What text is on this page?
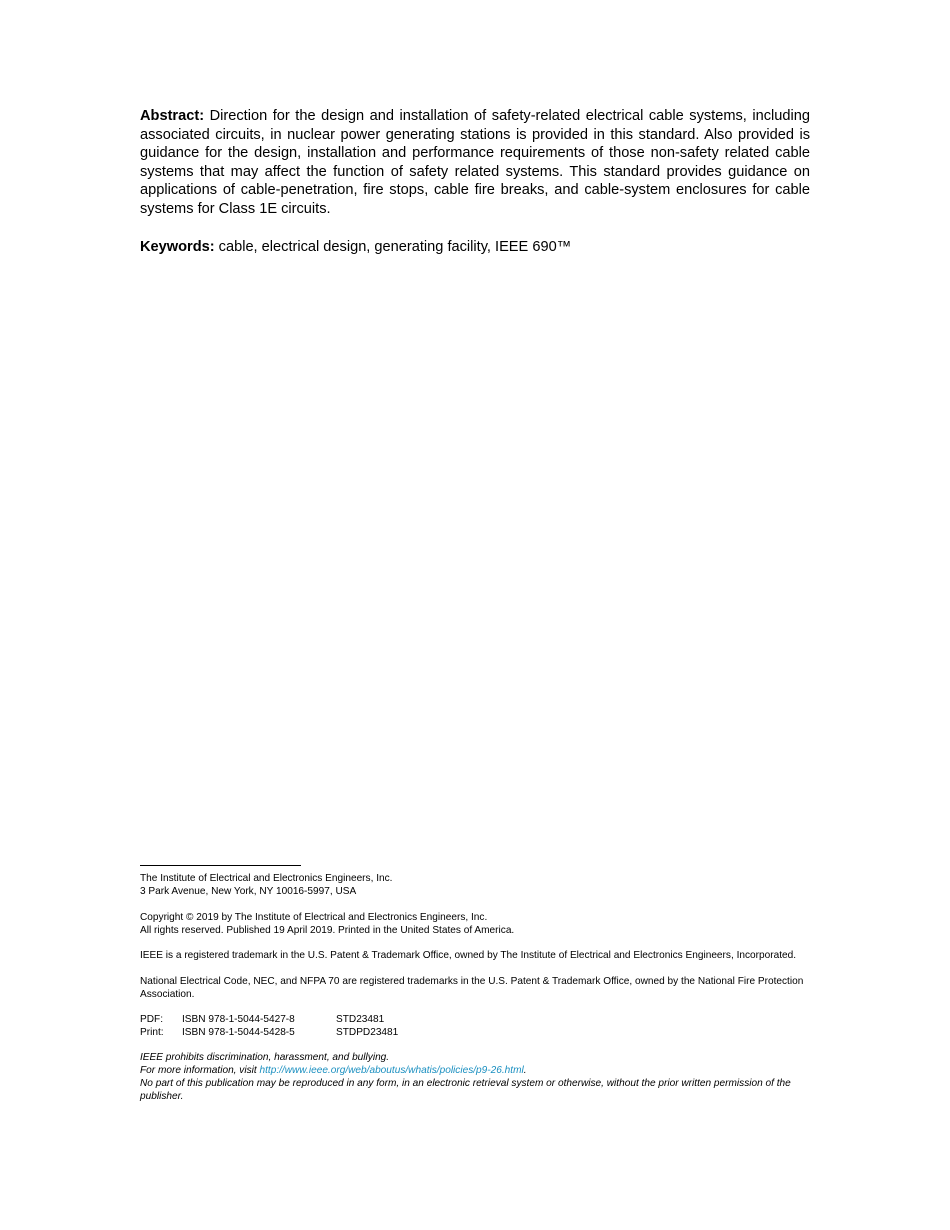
Abstract: Direction for the design and installation of safety-related electrical cable systems, including associated circuits, in nuclear power generating stations is provided in this standard. Also provided is guidance for the design, installation and performance requirements of those non-safety related cable systems that may affect the function of safety related systems. This standard provides guidance on applications of cable-penetration, fire stops, cable fire breaks, and cable-system enclosures for cable systems for Class 1E circuits.

Keywords: cable, electrical design, generating facility, IEEE 690™

The Institute of Electrical and Electronics Engineers, Inc.
3 Park Avenue, New York, NY 10016-5997, USA

Copyright © 2019 by The Institute of Electrical and Electronics Engineers, Inc.
All rights reserved. Published 19 April 2019. Printed in the United States of America.

IEEE is a registered trademark in the U.S. Patent & Trademark Office, owned by The Institute of Electrical and Electronics Engineers, Incorporated.

National Electrical Code, NEC, and NFPA 70 are registered trademarks in the U.S. Patent & Trademark Office, owned by the National Fire Protection Association.

PDF:	ISBN 978-1-5044-5427-8	STD23481
Print:	ISBN 978-1-5044-5428-5	STDPD23481
IEEE prohibits discrimination, harassment, and bullying.
For more information, visit http://www.ieee.org/web/aboutus/whatis/policies/p9-26.html.
No part of this publication may be reproduced in any form, in an electronic retrieval system or otherwise, without the prior written permission of the publisher.
